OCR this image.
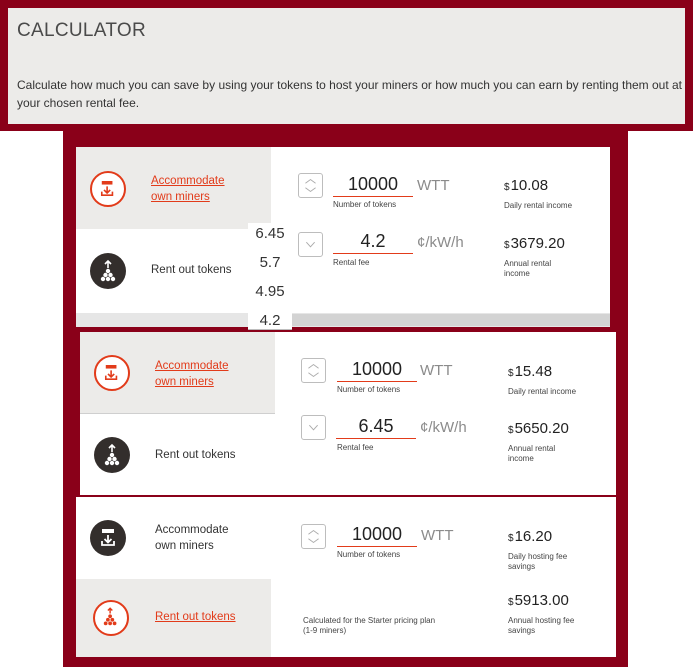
CALCULATOR
Calculate how much you can save by using your tokens to host your miners or how much you can earn by renting them out at your chosen rental fee.
Accommodate
own miners
Rent out tokens
10000	WTT
Number of tokens
4.2	¢/kW/h
Rental fee
$10.08
Daily rental income
$3679.20
Annual rental
income
6.45
5.7
4.95
4.2
Accommodate
own miners
Rent out tokens
10000	WTT
Number of tokens
6.45	¢/kW/h
Rental fee
$15.48
Daily rental income
$5650.20
Annual rental
income
Accommodate
own miners
Rent out tokens
10000	WTT
Number of tokens
$16.20
Daily hosting fee
savings
$5913.00
Annual hosting fee
savings
Calculated for the Starter pricing plan
(1-9 miners)
